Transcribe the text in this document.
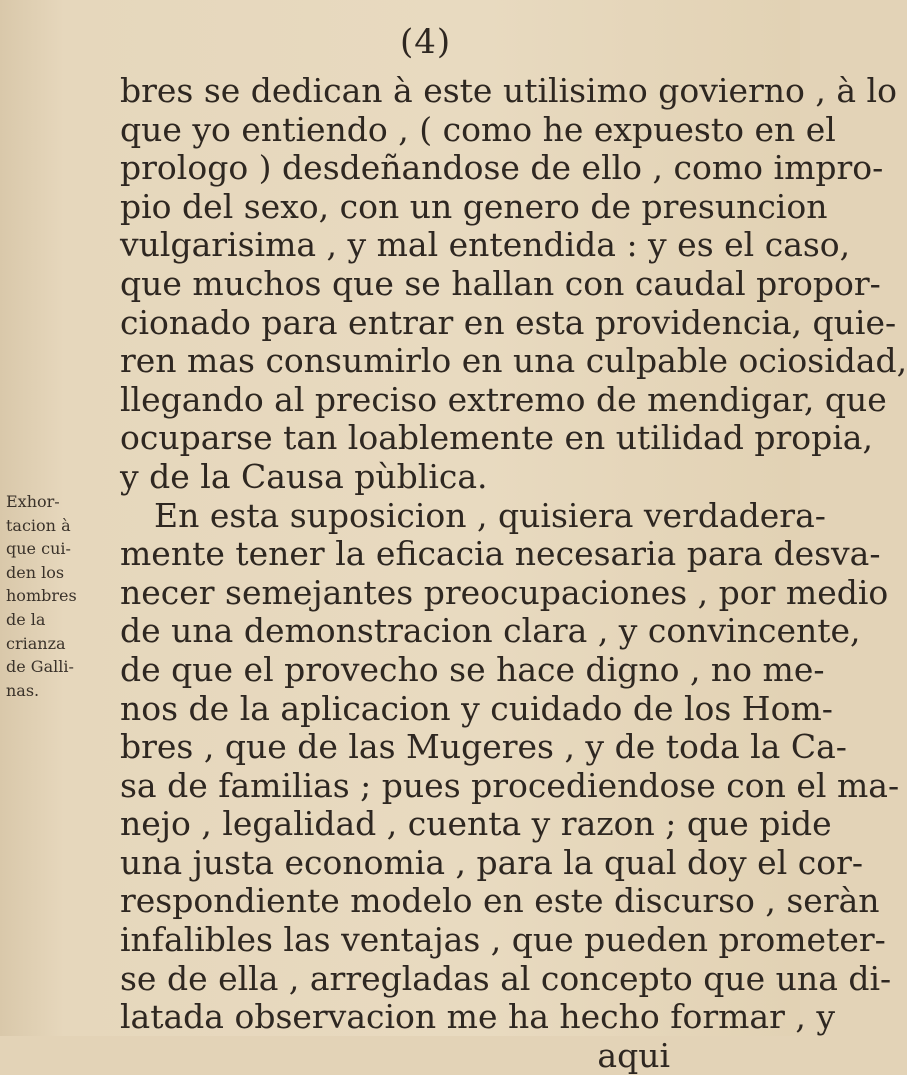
(4)
bres se dedican à este utilisimo govierno , à lo
que yo entiendo , ( como he expuesto en el
prologo ) desdeñandose de ello , como impro-
pio del sexo, con un genero de presuncion
vulgarisima , y mal entendida : y es el caso,
que muchos que se hallan con caudal propor-
cionado para entrar en esta providencia, quie-
ren mas consumirlo en una culpable ociosidad,
llegando al preciso extremo de mendigar, que
ocuparse tan loablemente en utilidad propia,
y de la Causa pùblica.
En esta suposicion , quisiera verdadera-
mente tener la eficacia necesaria para desva-
necer semejantes preocupaciones , por medio
de una demonstracion clara , y convincente,
de que el provecho se hace digno , no me-
nos de la aplicacion y cuidado de los Hom-
bres , que de las Mugeres , y de toda la Ca-
sa de familias ; pues procediendose con el ma-
nejo , legalidad , cuenta y razon ; que pide
una justa economia , para la qual doy el cor-
respondiente modelo en este discurso , seràn
infalibles las ventajas , que pueden prometer-
se de ella , arregladas al concepto que una di-
latada observacion me ha hecho formar , y
aqui
Exhor-
tacion à
que cui-
den los
hombres
de la
crianza
de Galli-
nas.
